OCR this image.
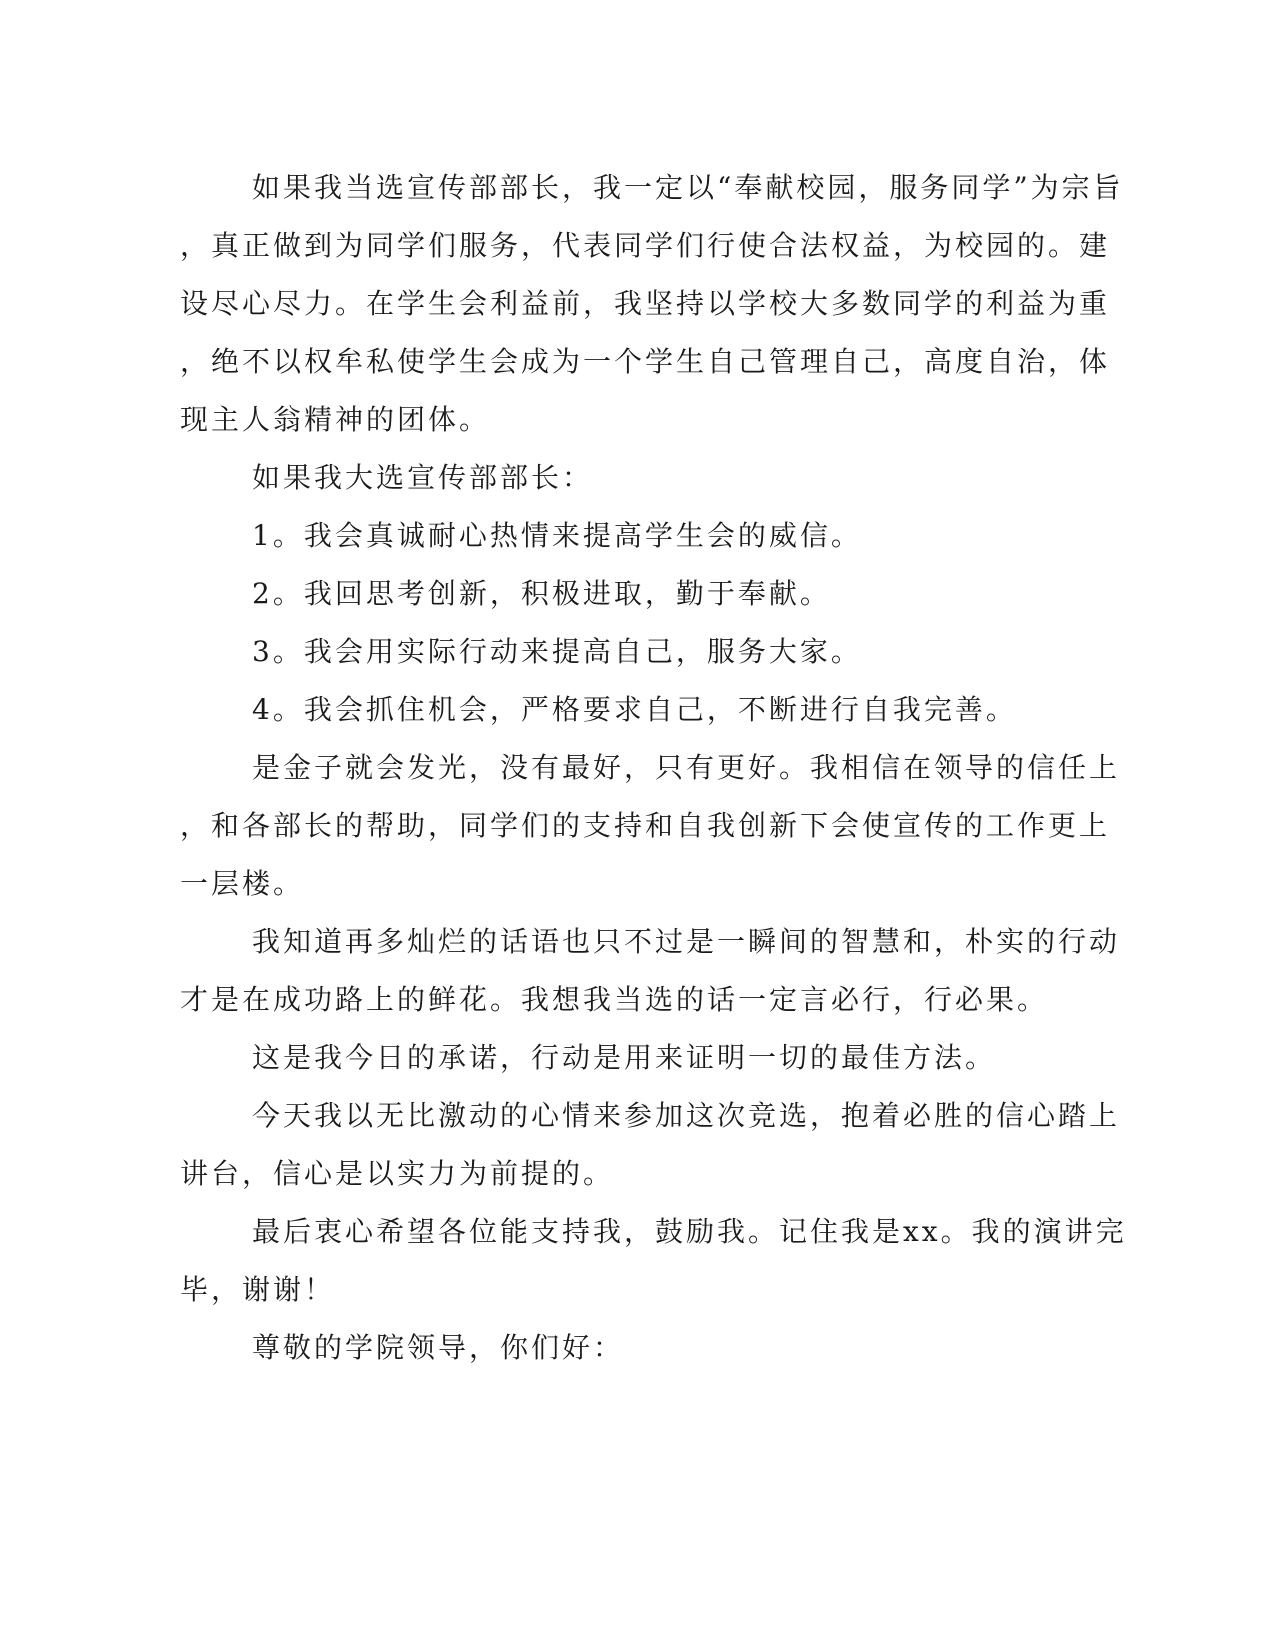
如果我当选宣传部部长，我一定以“奉献校园，服务同学”为宗旨
，真正做到为同学们服务，代表同学们行使合法权益，为校园的。建
设尽心尽力。在学生会利益前，我坚持以学校大多数同学的利益为重
，绝不以权牟私使学生会成为一个学生自己管理自己，高度自治，体
现主人翁精神的团体。
如果我大选宣传部部长：
1。我会真诚耐心热情来提高学生会的威信。
2。我回思考创新，积极进取，勤于奉献。
3。我会用实际行动来提高自己，服务大家。
4。我会抓住机会，严格要求自己，不断进行自我完善。
是金子就会发光，没有最好，只有更好。我相信在领导的信任上
，和各部长的帮助，同学们的支持和自我创新下会使宣传的工作更上
一层楼。
我知道再多灿烂的话语也只不过是一瞬间的智慧和，朴实的行动
才是在成功路上的鲜花。我想我当选的话一定言必行，行必果。
这是我今日的承诺，行动是用来证明一切的最佳方法。
今天我以无比激动的心情来参加这次竞选，抱着必胜的信心踏上
讲台，信心是以实力为前提的。
最后衷心希望各位能支持我，鼓励我。记住我是xx。我的演讲完
毕，谢谢！
尊敬的学院领导，你们好：
